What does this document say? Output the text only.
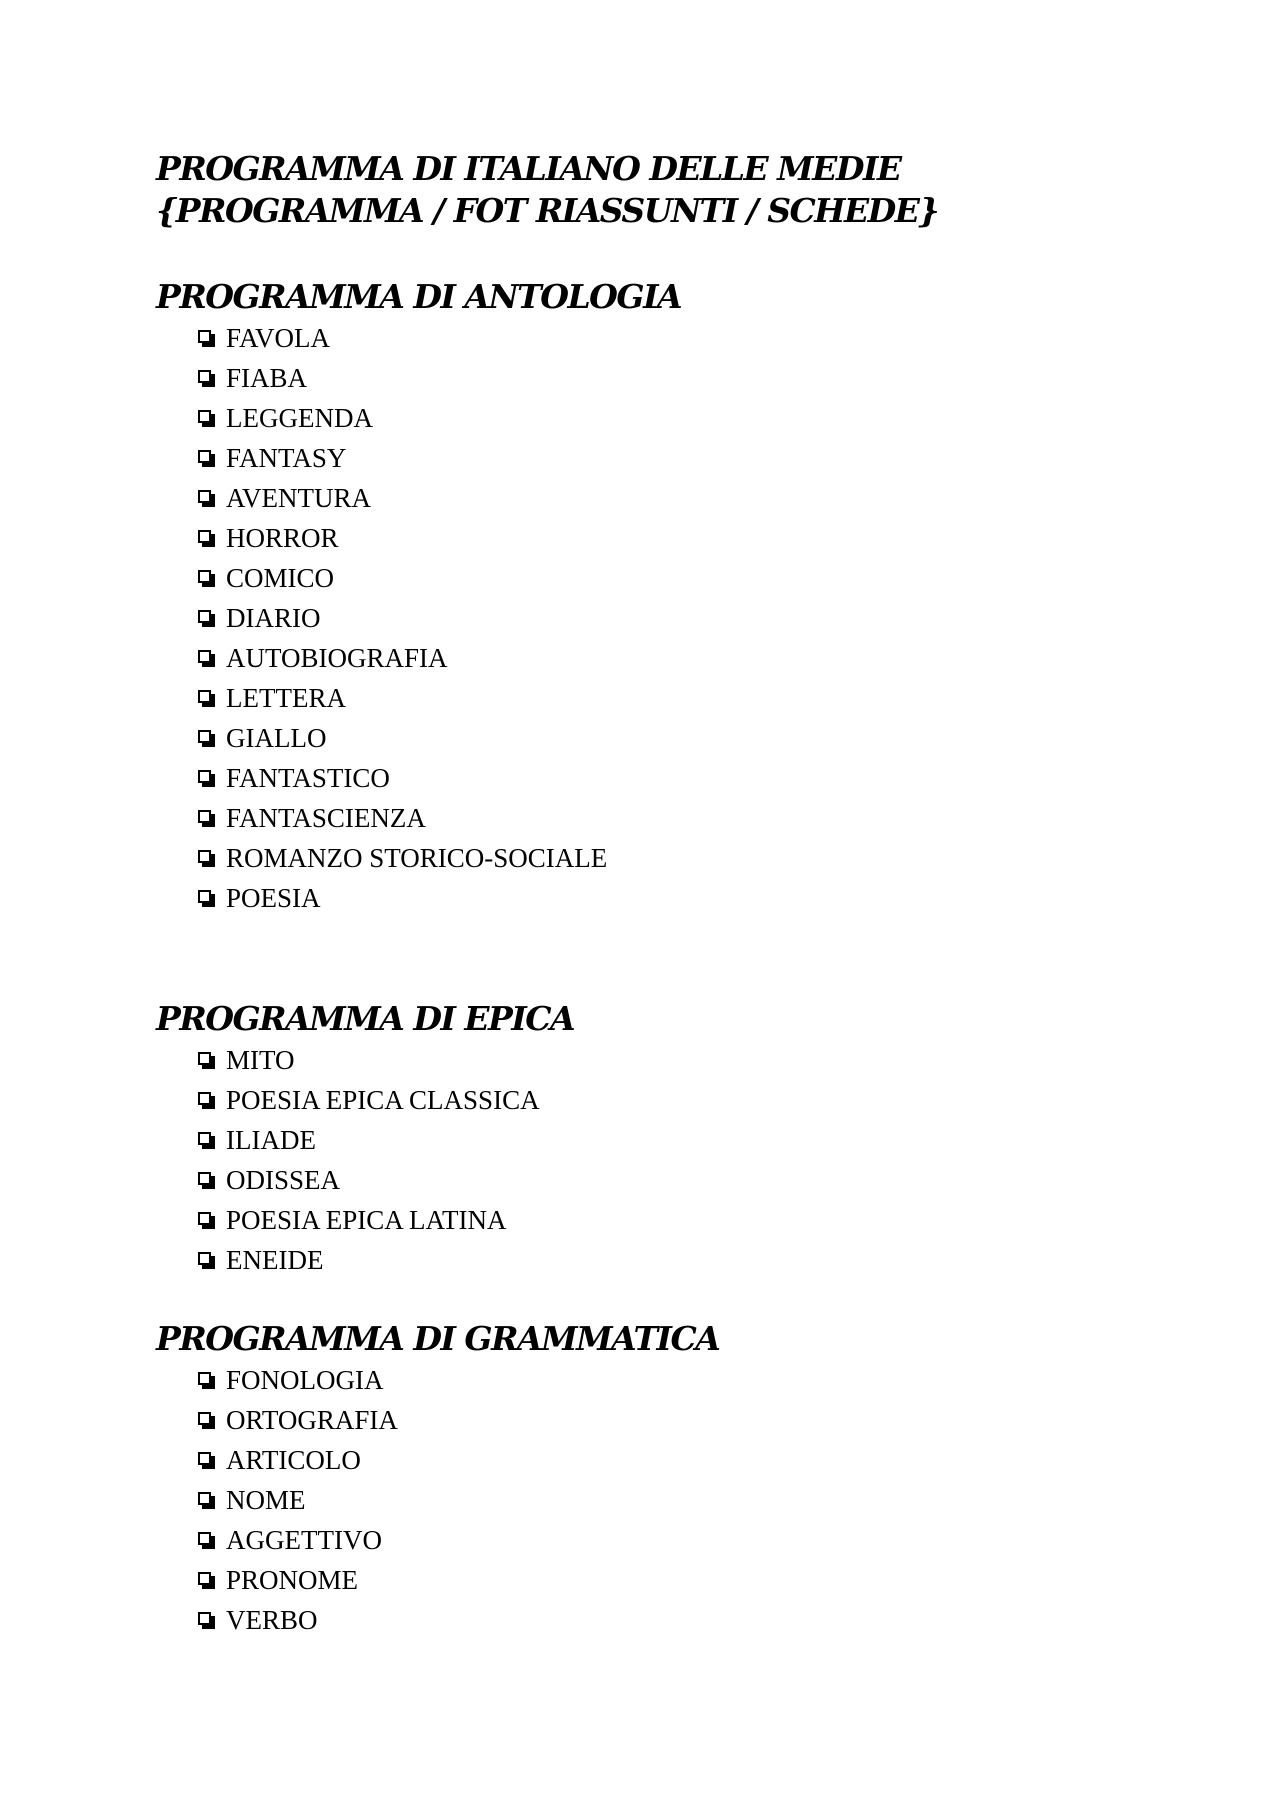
PROGRAMMA DI ITALIANO DELLE MEDIE

{PROGRAMMA / FOT RIASSUNTI / SCHEDE}

PROGRAMMA DI ANTOLOGIA

FAVOLA
FIABA
LEGGENDA
FANTASY
AVENTURA
HORROR
COMICO
DIARIO
AUTOBIOGRAFIA
LETTERA
GIALLO
FANTASTICO
FANTASCIENZA
ROMANZO STORICO-SOCIALE
POESIA

PROGRAMMA DI EPICA

MITO
POESIA EPICA CLASSICA
ILIADE
ODISSEA
POESIA EPICA LATINA
ENEIDE

PROGRAMMA DI GRAMMATICA

FONOLOGIA
ORTOGRAFIA
ARTICOLO
NOME
AGGETTIVO
PRONOME
VERBO
